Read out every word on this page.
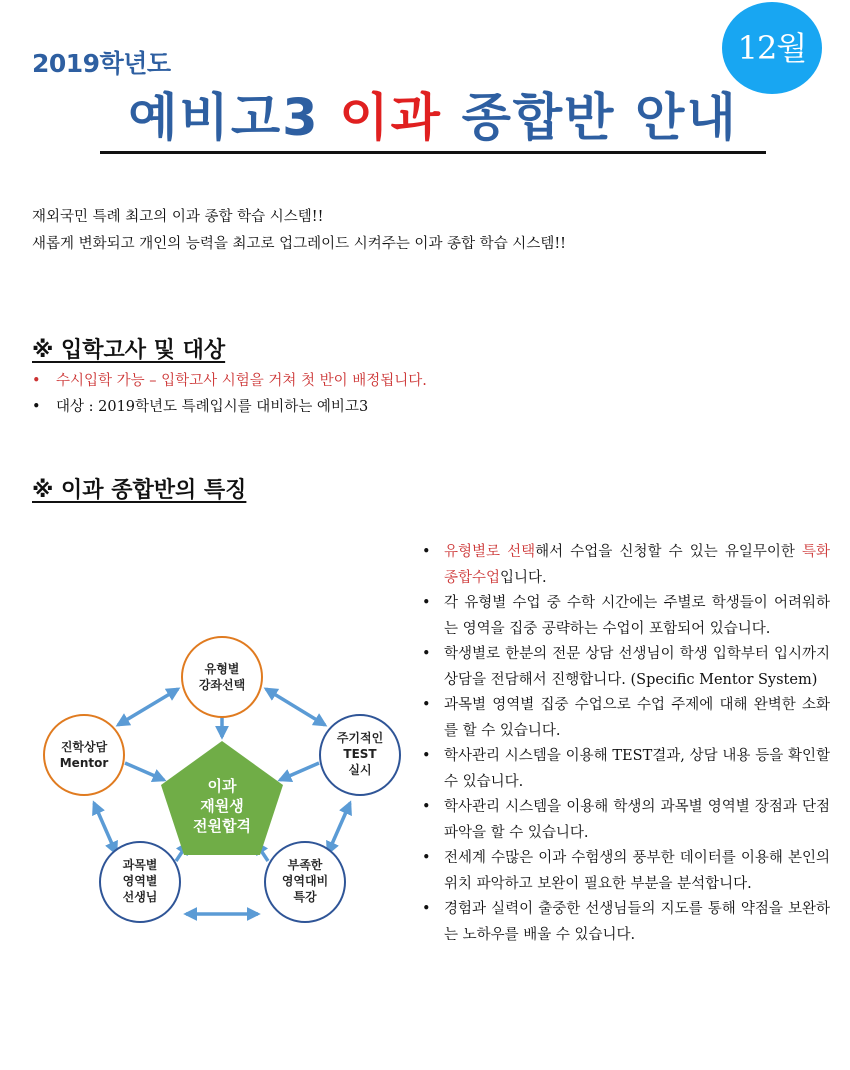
2019학년도	12월
예비고3 이과 종합반 안내
재외국민 특례 최고의 이과 종합 학습 시스템!!
새롭게 변화되고 개인의 능력을 최고로 업그레이드 시켜주는 이과 종합 학습 시스템!!
※ 입학고사 및 대상
• 수시입학 가능 – 입학고사 시험을 거쳐 첫 반이 배정됩니다.
• 대상 : 2019학년도 특례입시를 대비하는 예비고3
※ 이과 종합반의 특징
이과
재원생
전원합격
유형별
강좌선택
주기적인
TEST
실시
부족한
영역대비
특강
과목별
영역별
선생님
진학상담
Mentor
• 유형별로 선택해서 수업을 신청할 수 있는 유일무이한 특화 종합수업입니다.
• 각 유형별 수업 중 수학 시간에는 주별로 학생들이 어려워하는 영역을 집중 공략하는 수업이 포함되어 있습니다.
• 학생별로 한분의 전문 상담 선생님이 학생 입학부터 입시까지 상담을 전담해서 진행합니다. (Specific Mentor System)
• 과목별 영역별 집중 수업으로 수업 주제에 대해 완벽한 소화를 할 수 있습니다.
• 학사관리 시스템을 이용해 TEST결과, 상담 내용 등을 확인할 수 있습니다.
• 학사관리 시스템을 이용해 학생의 과목별 영역별 장점과 단점 파악을 할 수 있습니다.
• 전세계 수많은 이과 수험생의 풍부한 데이터를 이용해 본인의 위치 파악하고 보완이 필요한 부분을 분석합니다.
• 경험과 실력이 출중한 선생님들의 지도를 통해 약점을 보완하는 노하우를 배울 수 있습니다.
